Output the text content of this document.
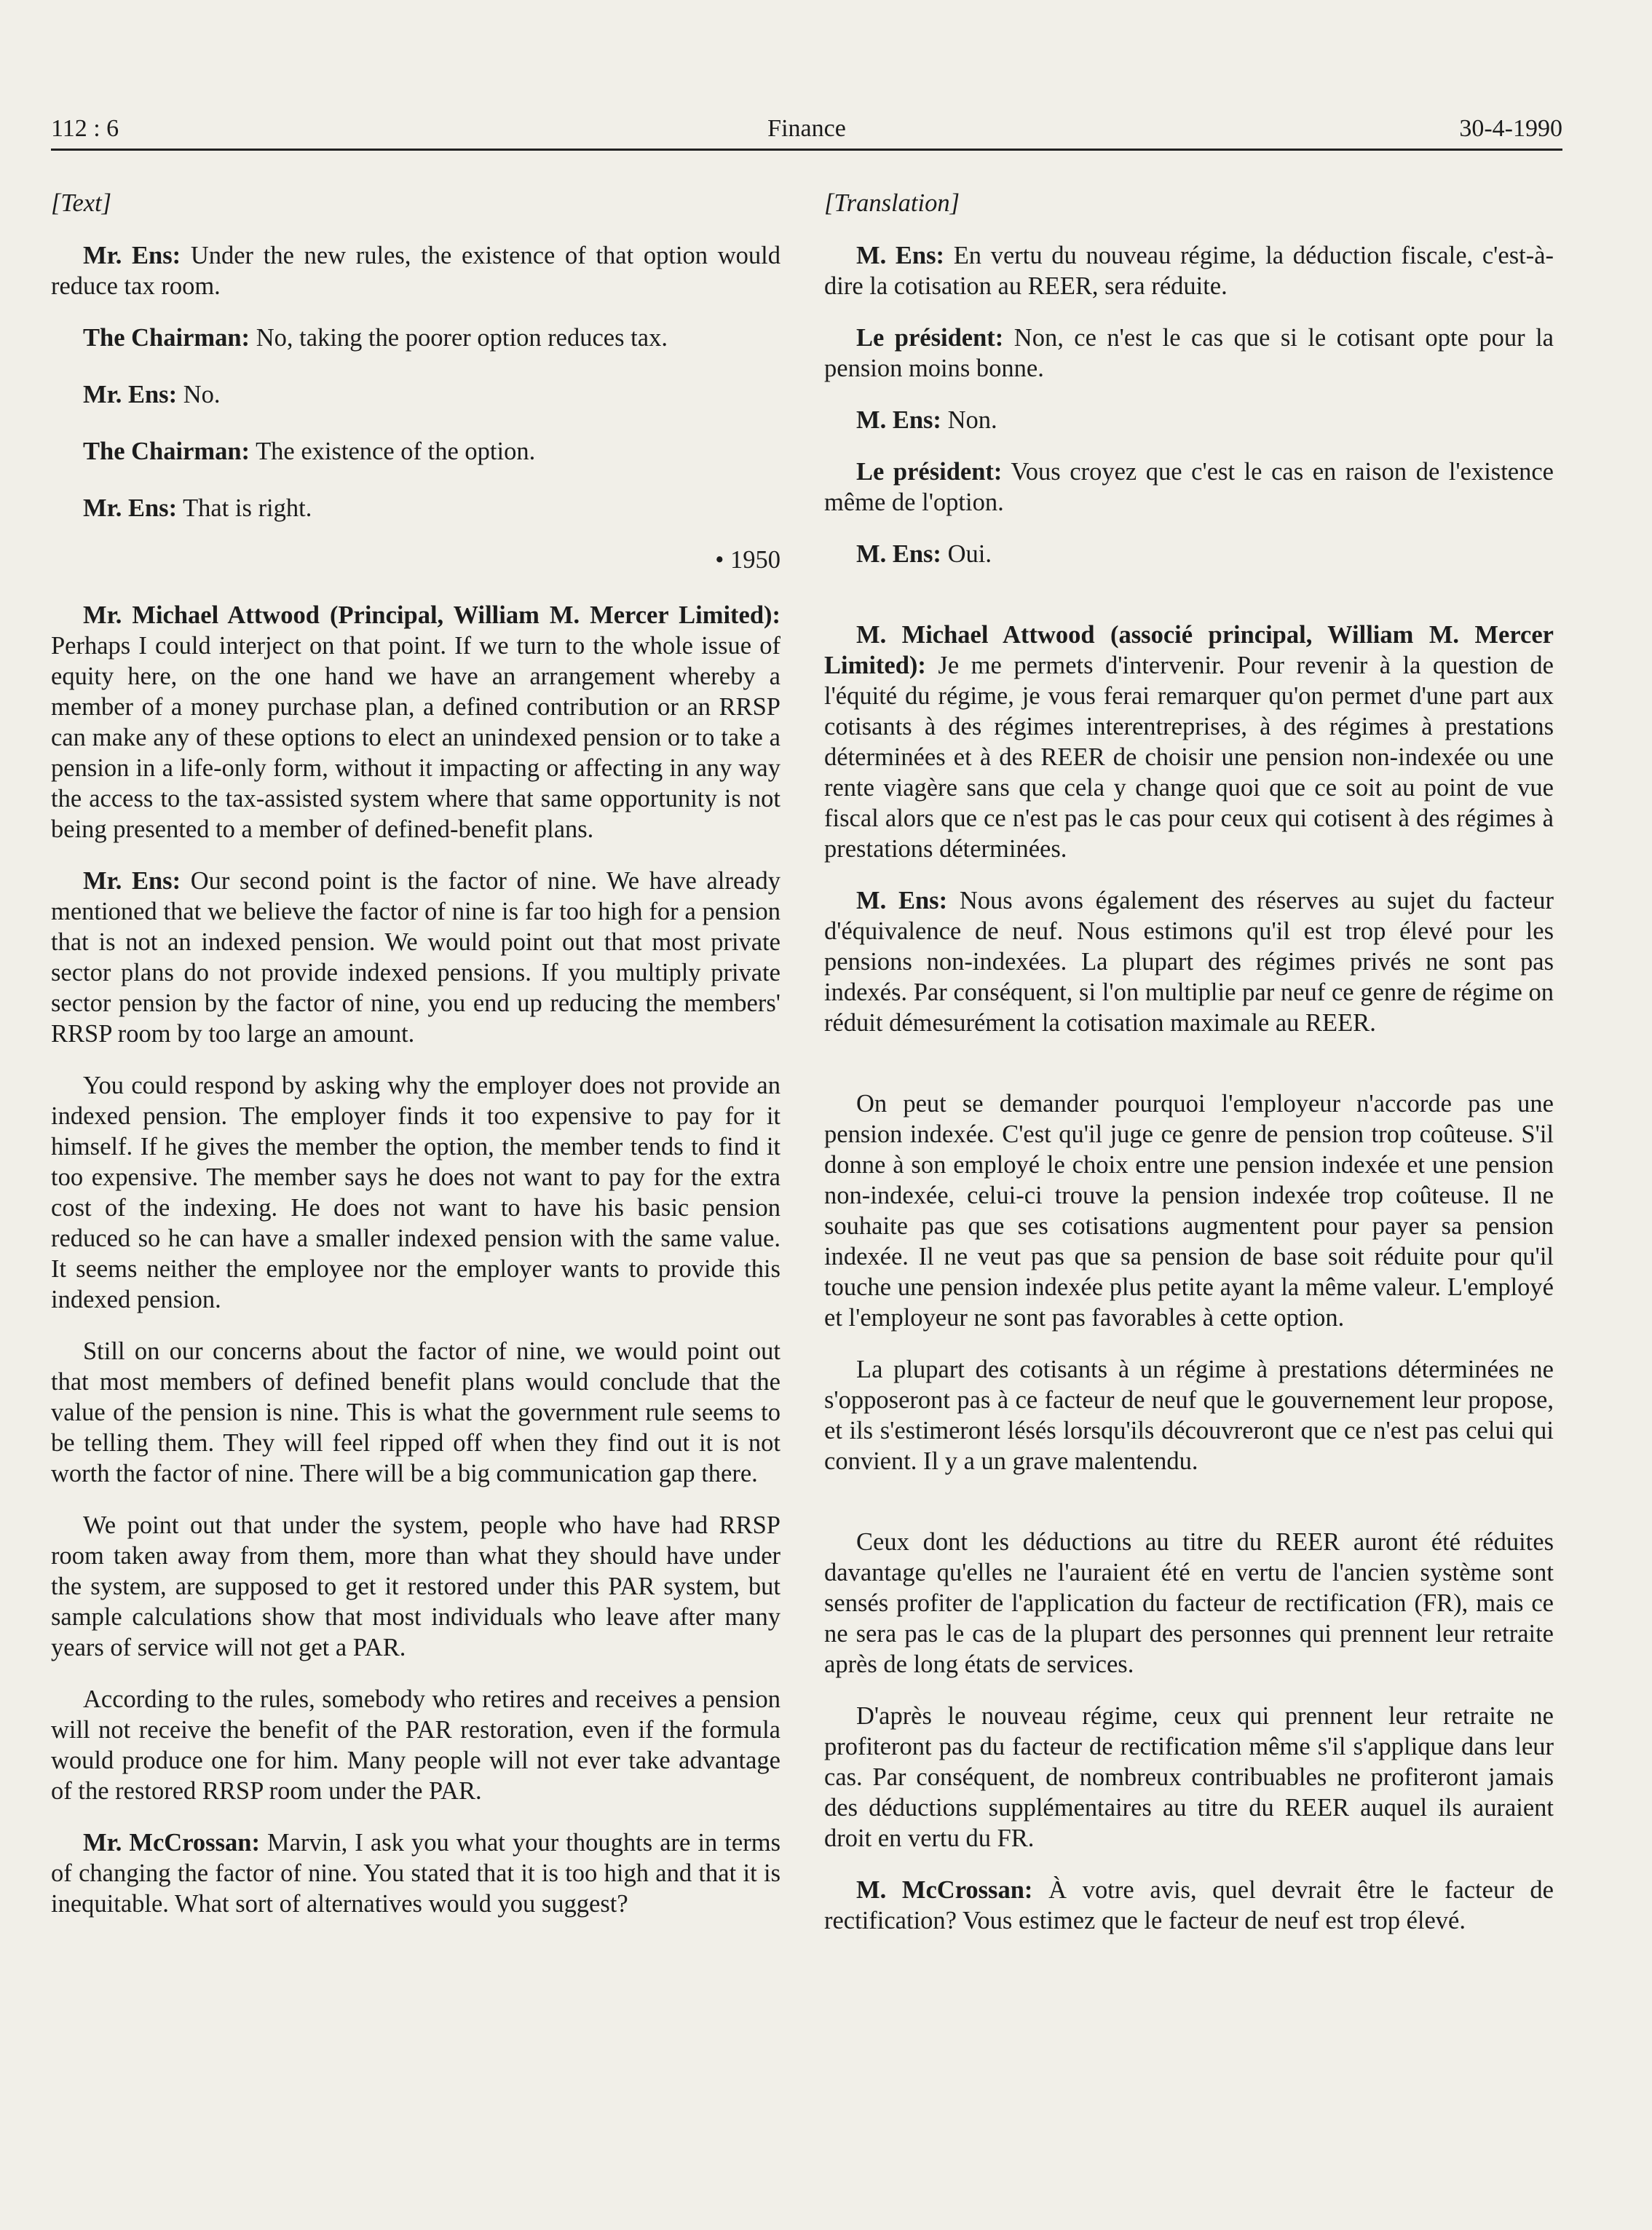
112 : 6	Finance	30-4-1990

[Text]

Mr. Ens: Under the new rules, the existence of that option would reduce tax room.

The Chairman: No, taking the poorer option reduces tax.

Mr. Ens: No.

The Chairman: The existence of the option.

Mr. Ens: That is right.

• 1950

Mr. Michael Attwood (Principal, William M. Mercer Limited): Perhaps I could interject on that point. If we turn to the whole issue of equity here, on the one hand we have an arrangement whereby a member of a money purchase plan, a defined contribution or an RRSP can make any of these options to elect an unindexed pension or to take a pension in a life-only form, without it impacting or affecting in any way the access to the tax-assisted system where that same opportunity is not being presented to a member of defined-benefit plans.

Mr. Ens: Our second point is the factor of nine. We have already mentioned that we believe the factor of nine is far too high for a pension that is not an indexed pension. We would point out that most private sector plans do not provide indexed pensions. If you multiply private sector pension by the factor of nine, you end up reducing the members' RRSP room by too large an amount.

You could respond by asking why the employer does not provide an indexed pension. The employer finds it too expensive to pay for it himself. If he gives the member the option, the member tends to find it too expensive. The member says he does not want to pay for the extra cost of the indexing. He does not want to have his basic pension reduced so he can have a smaller indexed pension with the same value. It seems neither the employee nor the employer wants to provide this indexed pension.

Still on our concerns about the factor of nine, we would point out that most members of defined benefit plans would conclude that the value of the pension is nine. This is what the government rule seems to be telling them. They will feel ripped off when they find out it is not worth the factor of nine. There will be a big communication gap there.

We point out that under the system, people who have had RRSP room taken away from them, more than what they should have under the system, are supposed to get it restored under this PAR system, but sample calculations show that most individuals who leave after many years of service will not get a PAR.

According to the rules, somebody who retires and receives a pension will not receive the benefit of the PAR restoration, even if the formula would produce one for him. Many people will not ever take advantage of the restored RRSP room under the PAR.

Mr. McCrossan: Marvin, I ask you what your thoughts are in terms of changing the factor of nine. You stated that it is too high and that it is inequitable. What sort of alternatives would you suggest?

[Translation]

M. Ens: En vertu du nouveau régime, la déduction fiscale, c'est-à-dire la cotisation au REER, sera réduite.

Le président: Non, ce n'est le cas que si le cotisant opte pour la pension moins bonne.

M. Ens: Non.

Le président: Vous croyez que c'est le cas en raison de l'existence même de l'option.

M. Ens: Oui.

M. Michael Attwood (associé principal, William M. Mercer Limited): Je me permets d'intervenir. Pour revenir à la question de l'équité du régime, je vous ferai remarquer qu'on permet d'une part aux cotisants à des régimes interentreprises, à des régimes à prestations déterminées et à des REER de choisir une pension non-indexée ou une rente viagère sans que cela y change quoi que ce soit au point de vue fiscal alors que ce n'est pas le cas pour ceux qui cotisent à des régimes à prestations déterminées.

M. Ens: Nous avons également des réserves au sujet du facteur d'équivalence de neuf. Nous estimons qu'il est trop élevé pour les pensions non-indexées. La plupart des régimes privés ne sont pas indexés. Par conséquent, si l'on multiplie par neuf ce genre de régime on réduit démesurément la cotisation maximale au REER.

On peut se demander pourquoi l'employeur n'accorde pas une pension indexée. C'est qu'il juge ce genre de pension trop coûteuse. S'il donne à son employé le choix entre une pension indexée et une pension non-indexée, celui-ci trouve la pension indexée trop coûteuse. Il ne souhaite pas que ses cotisations augmentent pour payer sa pension indexée. Il ne veut pas que sa pension de base soit réduite pour qu'il touche une pension indexée plus petite ayant la même valeur. L'employé et l'employeur ne sont pas favorables à cette option.

La plupart des cotisants à un régime à prestations déterminées ne s'opposeront pas à ce facteur de neuf que le gouvernement leur propose, et ils s'estimeront lésés lorsqu'ils découvreront que ce n'est pas celui qui convient. Il y a un grave malentendu.

Ceux dont les déductions au titre du REER auront été réduites davantage qu'elles ne l'auraient été en vertu de l'ancien système sont sensés profiter de l'application du facteur de rectification (FR), mais ce ne sera pas le cas de la plupart des personnes qui prennent leur retraite après de long états de services.

D'après le nouveau régime, ceux qui prennent leur retraite ne profiteront pas du facteur de rectification même s'il s'applique dans leur cas. Par conséquent, de nombreux contribuables ne profiteront jamais des déductions supplémentaires au titre du REER auquel ils auraient droit en vertu du FR.

M. McCrossan: À votre avis, quel devrait être le facteur de rectification? Vous estimez que le facteur de neuf est trop élevé.
